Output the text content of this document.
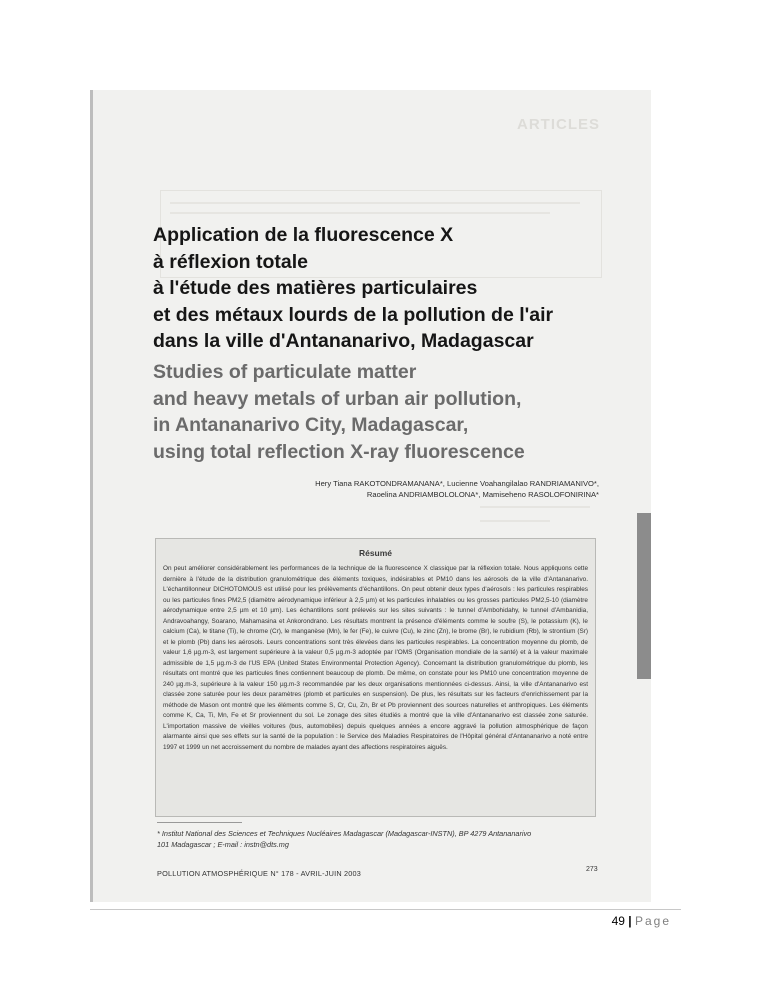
ARTICLES
Application de la fluorescence X
à réflexion totale
à l'étude des matières particulaires
et des métaux lourds de la pollution de l'air
dans la ville d'Antananarivo, Madagascar
Studies of particulate matter
and heavy metals of urban air pollution,
in Antananarivo City, Madagascar,
using total reflection X-ray fluorescence
Hery Tiana RAKOTONDRAMANANA*, Lucienne Voahangilalao RANDRIAMANIVO*,
Raoelina ANDRIAMBOLOLONA*, Mamiseheno RASOLOFONIRINA*
Résumé

On peut améliorer considérablement les performances de la technique de la fluorescence X classique par la réflexion totale. Nous appliquons cette dernière à l'étude de la distribution granulométrique des éléments toxiques, indésirables et PM10 dans les aérosols de la ville d'Antananarivo. L'échantillonneur DICHOTOMOUS est utilisé pour les prélèvements d'échantillons. On peut obtenir deux types d'aérosols : les particules respirables ou les particules fines PM2,5 (diamètre aérodynamique inférieur à 2,5 µm) et les particules inhalables ou les grosses particules PM2,5-10 (diamètre aérodynamique entre 2,5 µm et 10 µm). Les échantillons sont prélevés sur les sites suivants : le tunnel d'Ambohidahy, le tunnel d'Ambanidia, Andravoahangy, Soarano, Mahamasina et Ankorondrano. Les résultats montrent la présence d'éléments comme le soufre (S), le potassium (K), le calcium (Ca), le titane (Ti), le chrome (Cr), le manganèse (Mn), le fer (Fe), le cuivre (Cu), le zinc (Zn), le brome (Br), le rubidium (Rb), le strontium (Sr) et le plomb (Pb) dans les aérosols. Leurs concentrations sont très élevées dans les particules respirables. La concentration moyenne du plomb, de valeur 1,6 µg.m-3, est largement supérieure à la valeur 0,5 µg.m-3 adoptée par l'OMS (Organisation mondiale de la santé) et à la valeur maximale admissible de 1,5 µg.m-3 de l'US EPA (United States Environmental Protection Agency). Concernant la distribution granulométrique du plomb, les résultats ont montré que les particules fines contiennent beaucoup de plomb. De même, on constate pour les PM10 une concentration moyenne de 240 µg.m-3, supérieure à la valeur 150 µg.m-3 recommandée par les deux organisations mentionnées ci-dessus. Ainsi, la ville d'Antananarivo est classée zone saturée pour les deux paramètres (plomb et particules en suspension). De plus, les résultats sur les facteurs d'enrichissement par la méthode de Mason ont montré que les éléments comme S, Cr, Cu, Zn, Br et Pb proviennent des sources naturelles et anthropiques. Les éléments comme K, Ca, Ti, Mn, Fe et Sr proviennent du sol. Le zonage des sites étudiés a montré que la ville d'Antananarivo est classée zone saturée. L'importation massive de vieilles voitures (bus, automobiles) depuis quelques années a encore aggravé la pollution atmosphérique de façon alarmante ainsi que ses effets sur la santé de la population : le Service des Maladies Respiratoires de l'Hôpital général d'Antananarivo a noté entre 1997 et 1999 un net accroissement du nombre de malades ayant des affections respiratoires aiguës.

* Institut National des Sciences et Techniques Nucléaires Madagascar (Madagascar-INSTN), BP 4279 Antananarivo
101 Madagascar ; E-mail : instn@dts.mg
POLLUTION ATMOSPHÉRIQUE N° 178 - AVRIL-JUIN 2003	273
49 | Page
